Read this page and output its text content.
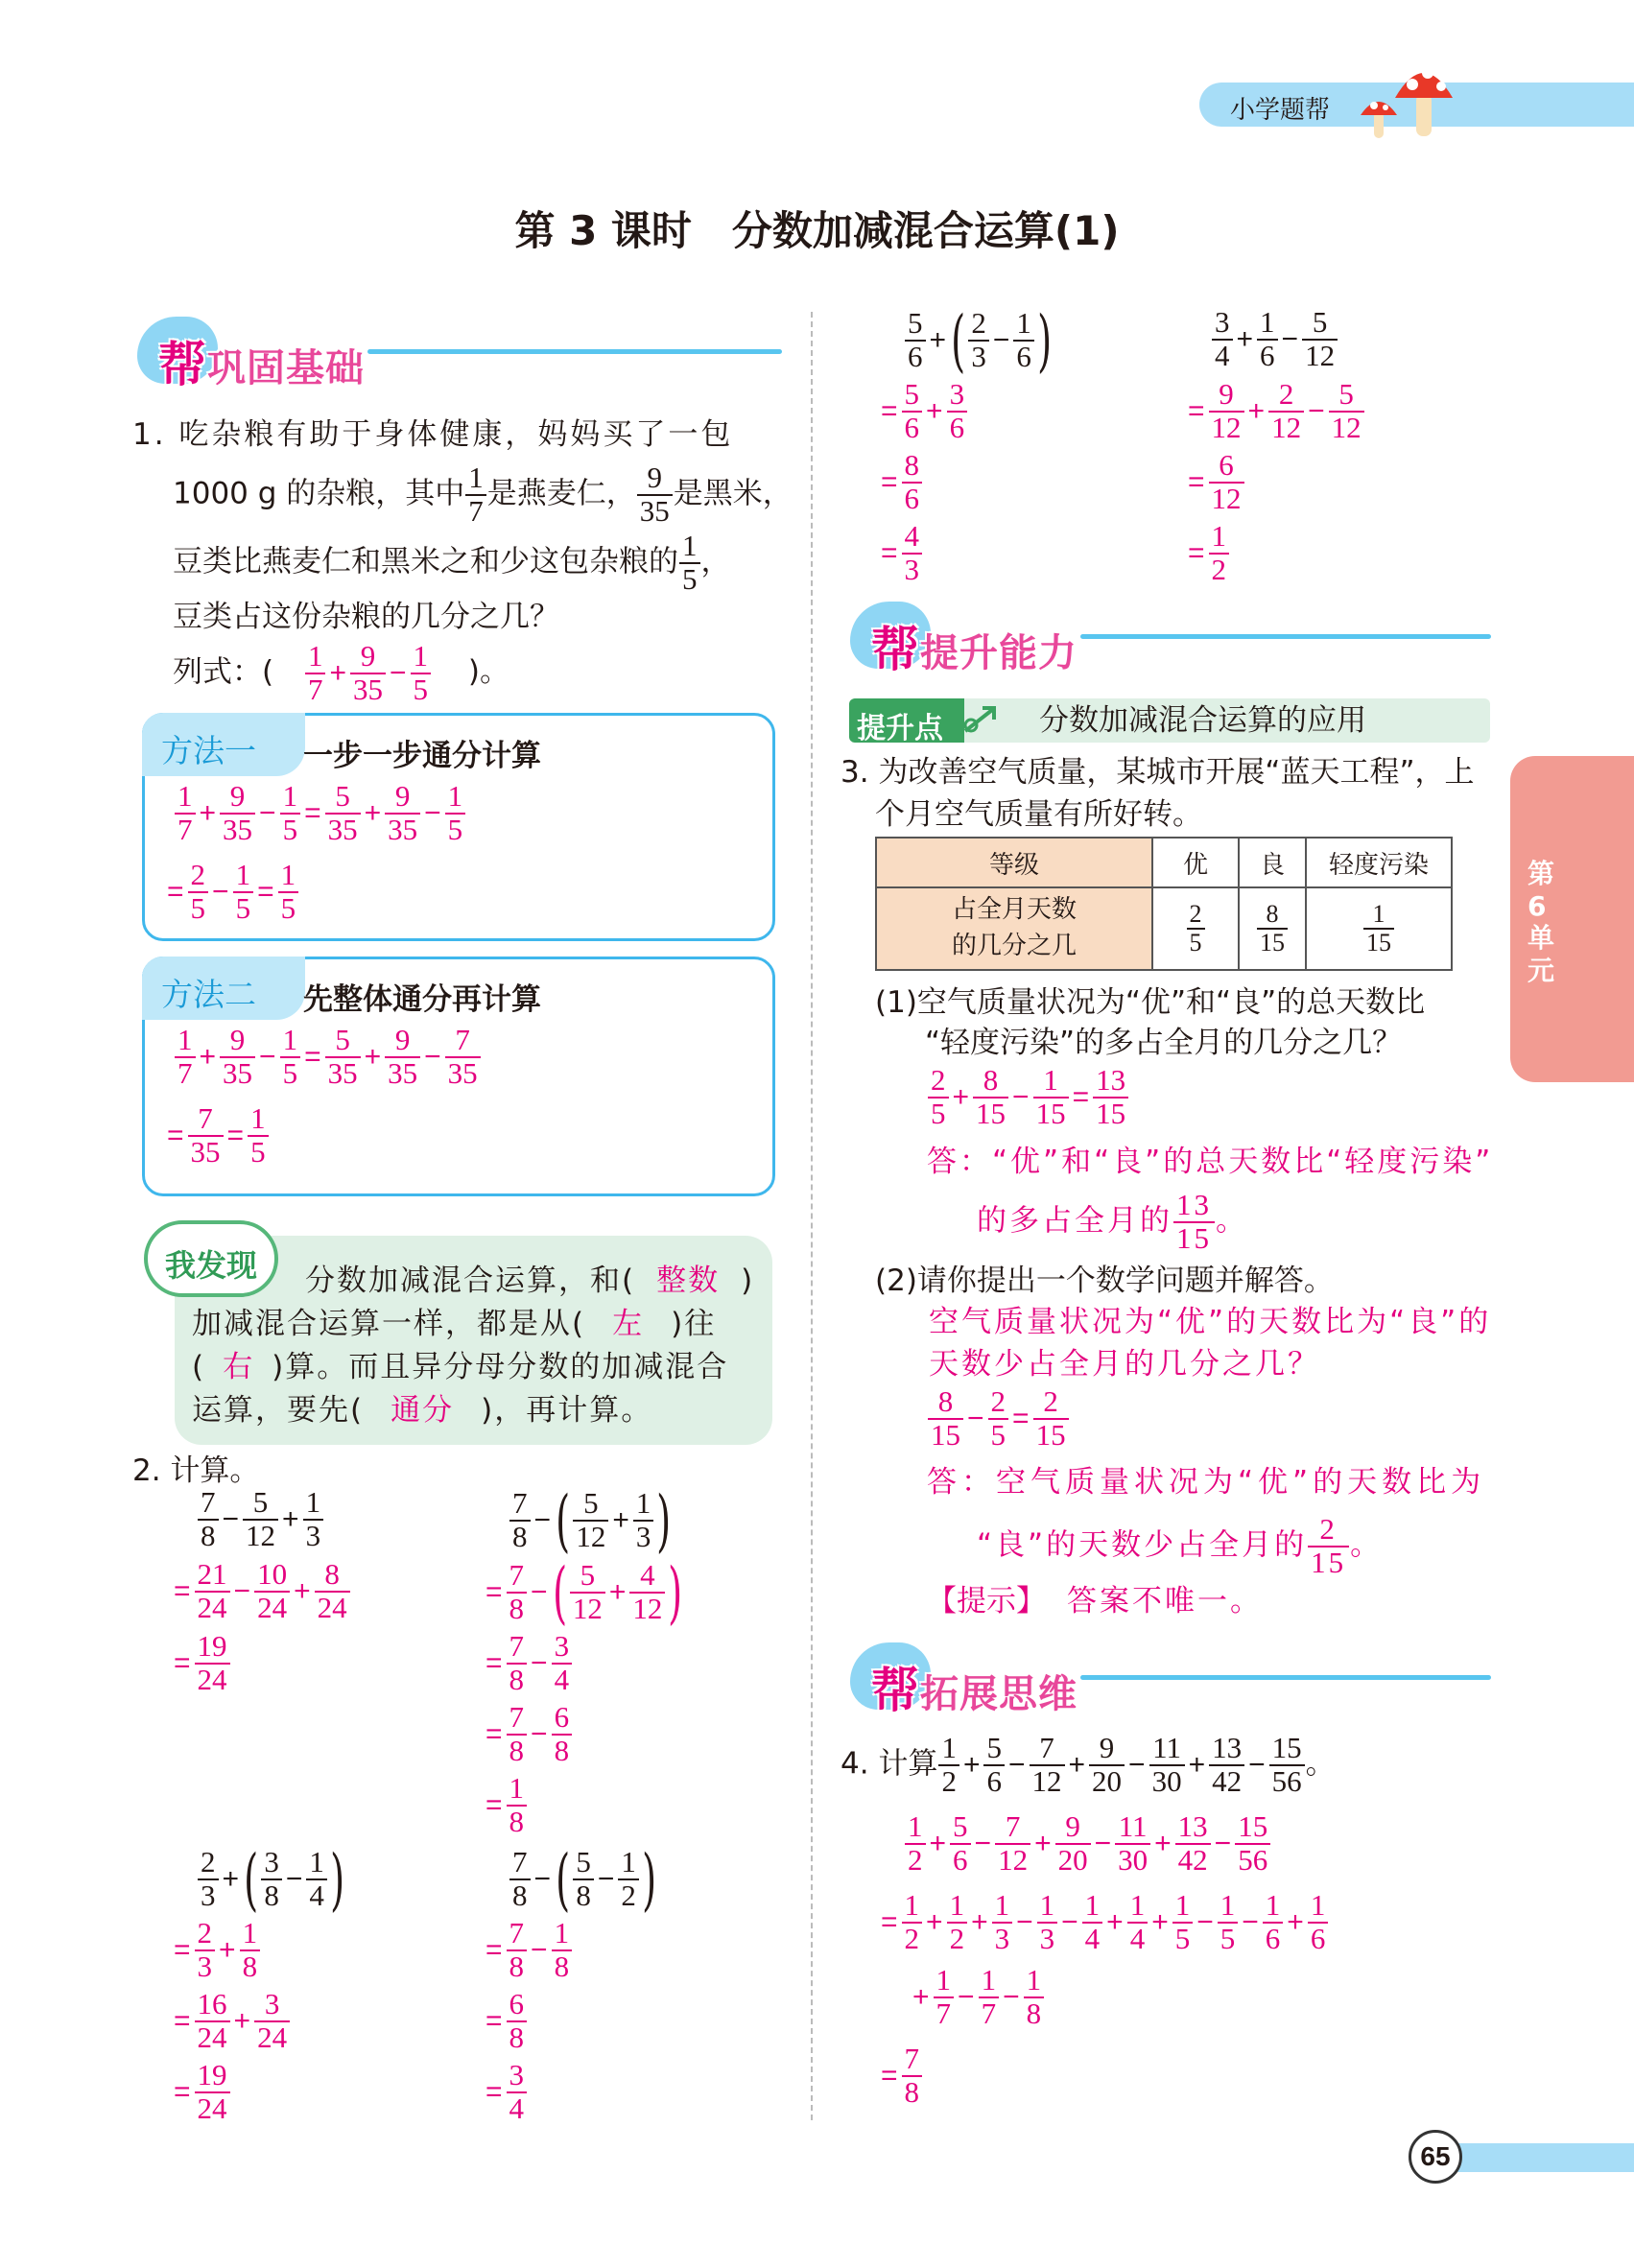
小学题帮
第 3 课时　分数加减混合运算(1)
第6单元
帮巩固基础
1. 吃杂粮有助于身体健康，妈妈买了一包
1000 g 的杂粮，其中 $\frac{1}{7}$ 是燕麦仁， $\frac{9}{35}$ 是黑米，
豆类比燕麦仁和黑米之和少这包杂粮的 $\frac{1}{5}$ ，
豆类占这份杂粮的几分之几？
列式：( $\frac{1}{7} + \frac{9}{35} - \frac{1}{5}$ )。
方法一	一步一步通分计算
$\frac{1}{7} + \frac{9}{35} - \frac{1}{5} = \frac{5}{35} + \frac{9}{35} - \frac{1}{5}$
= $\frac{2}{5} - \frac{1}{5} = \frac{1}{5}$
方法二	先整体通分再计算
$\frac{1}{7} + \frac{9}{35} - \frac{1}{5} = \frac{5}{35} + \frac{9}{35} - \frac{7}{35}$
= $\frac{7}{35} = \frac{1}{5}$
我发现	分数加减混合运算，和( 整数 )
加减混合运算一样，都是从( 左 )往
( 右 )算。而且异分母分数的加减混合
运算，要先( 通分 )，再计算。
2. 计算。
$\frac{7}{8} - \frac{5}{12} + \frac{1}{3}$
= $\frac{21}{24} - \frac{10}{24} + \frac{8}{24}$
= $\frac{19}{24}$
$\frac{7}{8}$ −( $\frac{5}{12} + \frac{1}{3}$ )
= $\frac{7}{8}$ −( $\frac{5}{12} + \frac{4}{12}$ )
= $\frac{7}{8} - \frac{3}{4}$
= $\frac{7}{8} - \frac{6}{8}$
= $\frac{1}{8}$
$\frac{2}{3}$ +( $\frac{3}{8} - \frac{1}{4}$ )
= $\frac{2}{3} + \frac{1}{8}$
= $\frac{16}{24} + \frac{3}{24}$
= $\frac{19}{24}$
$\frac{7}{8}$ −( $\frac{5}{8} - \frac{1}{2}$ )
= $\frac{7}{8} - \frac{1}{8}$
= $\frac{6}{8}$
= $\frac{3}{4}$
$\frac{5}{6}$ +( $\frac{2}{3} - \frac{1}{6}$ )
= $\frac{5}{6} + \frac{3}{6}$
= $\frac{8}{6}$
= $\frac{4}{3}$
$\frac{3}{4} + \frac{1}{6} - \frac{5}{12}$
= $\frac{9}{12} + \frac{2}{12} - \frac{5}{12}$
= $\frac{6}{12}$
= $\frac{1}{2}$
帮提升能力
提升点	分数加减混合运算的应用
3. 为改善空气质量，某城市开展“蓝天工程”，上
个月空气质量有所好转。
等级	优	良	轻度污染
占全月天数
的几分之几	$\frac{2}{5}$	$\frac{8}{15}$	$\frac{1}{15}$
(1)空气质量状况为“优”和“良”的总天数比
“轻度污染”的多占全月的几分之几？
$\frac{2}{5} + \frac{8}{15} - \frac{1}{15} = \frac{13}{15}$
答：“优”和“良”的总天数比“轻度污染”
的多占全月的 $\frac{13}{15}$ 。
(2)请你提出一个数学问题并解答。
空气质量状况为“优”的天数比为“良”的
天数少占全月的几分之几？
$\frac{8}{15} - \frac{2}{5} = \frac{2}{15}$
答：空气质量状况为“优”的天数比为
“良”的天数少占全月的 $\frac{2}{15}$ 。
【提示】 答案不唯一。
帮拓展思维
4. 计算 $\frac{1}{2} + \frac{5}{6} - \frac{7}{12} + \frac{9}{20} - \frac{11}{30} + \frac{13}{42} - \frac{15}{56}$ 。
$\frac{1}{2} + \frac{5}{6} - \frac{7}{12} + \frac{9}{20} - \frac{11}{30} + \frac{13}{42} - \frac{15}{56}$
= $\frac{1}{2} + \frac{1}{2} + \frac{1}{3} - \frac{1}{3} - \frac{1}{4} + \frac{1}{4} + \frac{1}{5} - \frac{1}{5} - \frac{1}{6} + \frac{1}{6}$
+ $\frac{1}{7} - \frac{1}{7} - \frac{1}{8}$
= $\frac{7}{8}$
65
